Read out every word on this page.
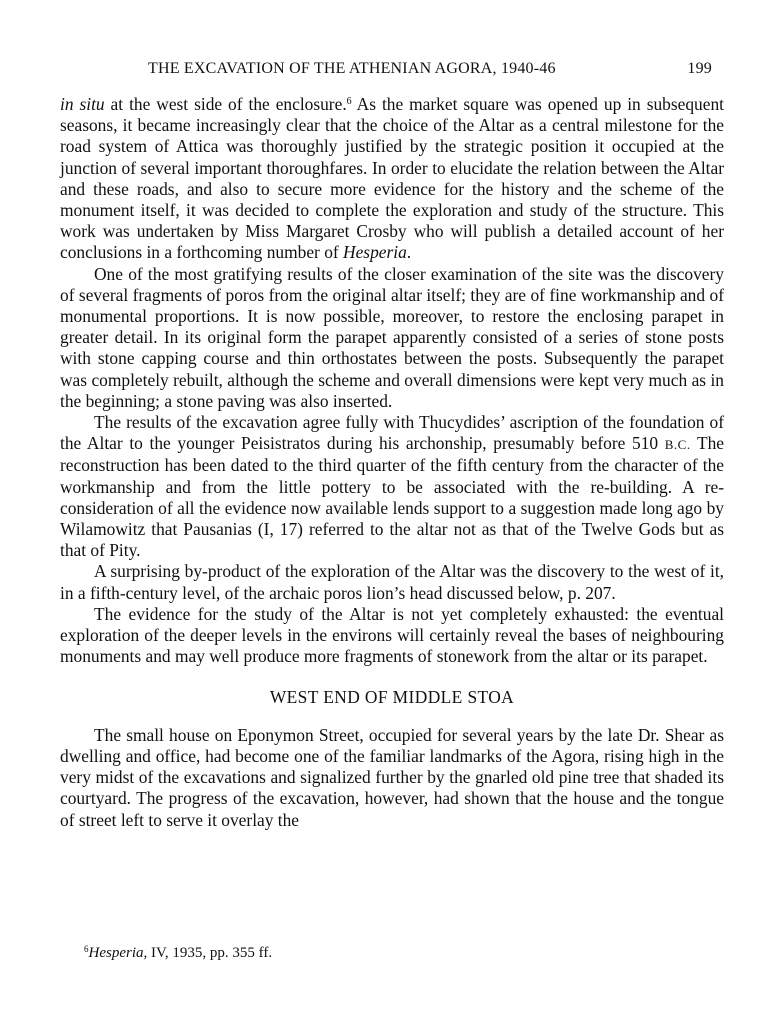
THE EXCAVATION OF THE ATHENIAN AGORA, 1940-46	199

in situ at the west side of the enclosure.$^6$ As the market square was opened up in subsequent seasons, it became increasingly clear that the choice of the Altar as a central milestone for the road system of Attica was thoroughly justified by the strategic position it occupied at the junction of several important thoroughfares. In order to elucidate the relation between the Altar and these roads, and also to secure more evidence for the history and the scheme of the monument itself, it was decided to complete the exploration and study of the structure. This work was undertaken by Miss Margaret Crosby who will publish a detailed account of her conclusions in a forthcoming number of Hesperia.

One of the most gratifying results of the closer examination of the site was the discovery of several fragments of poros from the original altar itself; they are of fine workmanship and of monumental proportions. It is now possible, moreover, to restore the enclosing parapet in greater detail. In its original form the parapet apparently consisted of a series of stone posts with stone capping course and thin orthostates between the posts. Subsequently the parapet was completely rebuilt, although the scheme and overall dimensions were kept very much as in the beginning; a stone paving was also inserted.

The results of the excavation agree fully with Thucydides’ ascription of the foundation of the Altar to the younger Peisistratos during his archonship, presumably before 510 B.C. The reconstruction has been dated to the third quarter of the fifth century from the character of the workmanship and from the little pottery to be associated with the re-building. A re-consideration of all the evidence now available lends support to a suggestion made long ago by Wilamowitz that Pausanias (I, 17) referred to the altar not as that of the Twelve Gods but as that of Pity.

A surprising by-product of the exploration of the Altar was the discovery to the west of it, in a fifth-century level, of the archaic poros lion’s head discussed below, p. 207.

The evidence for the study of the Altar is not yet completely exhausted: the eventual exploration of the deeper levels in the environs will certainly reveal the bases of neighbouring monuments and may well produce more fragments of stonework from the altar or its parapet.

WEST END OF MIDDLE STOA

The small house on Eponymon Street, occupied for several years by the late Dr. Shear as dwelling and office, had become one of the familiar landmarks of the Agora, rising high in the very midst of the excavations and signalized further by the gnarled old pine tree that shaded its courtyard. The progress of the excavation, however, had shown that the house and the tongue of street left to serve it overlay the

$^6$Hesperia, IV, 1935, pp. 355 ff.
